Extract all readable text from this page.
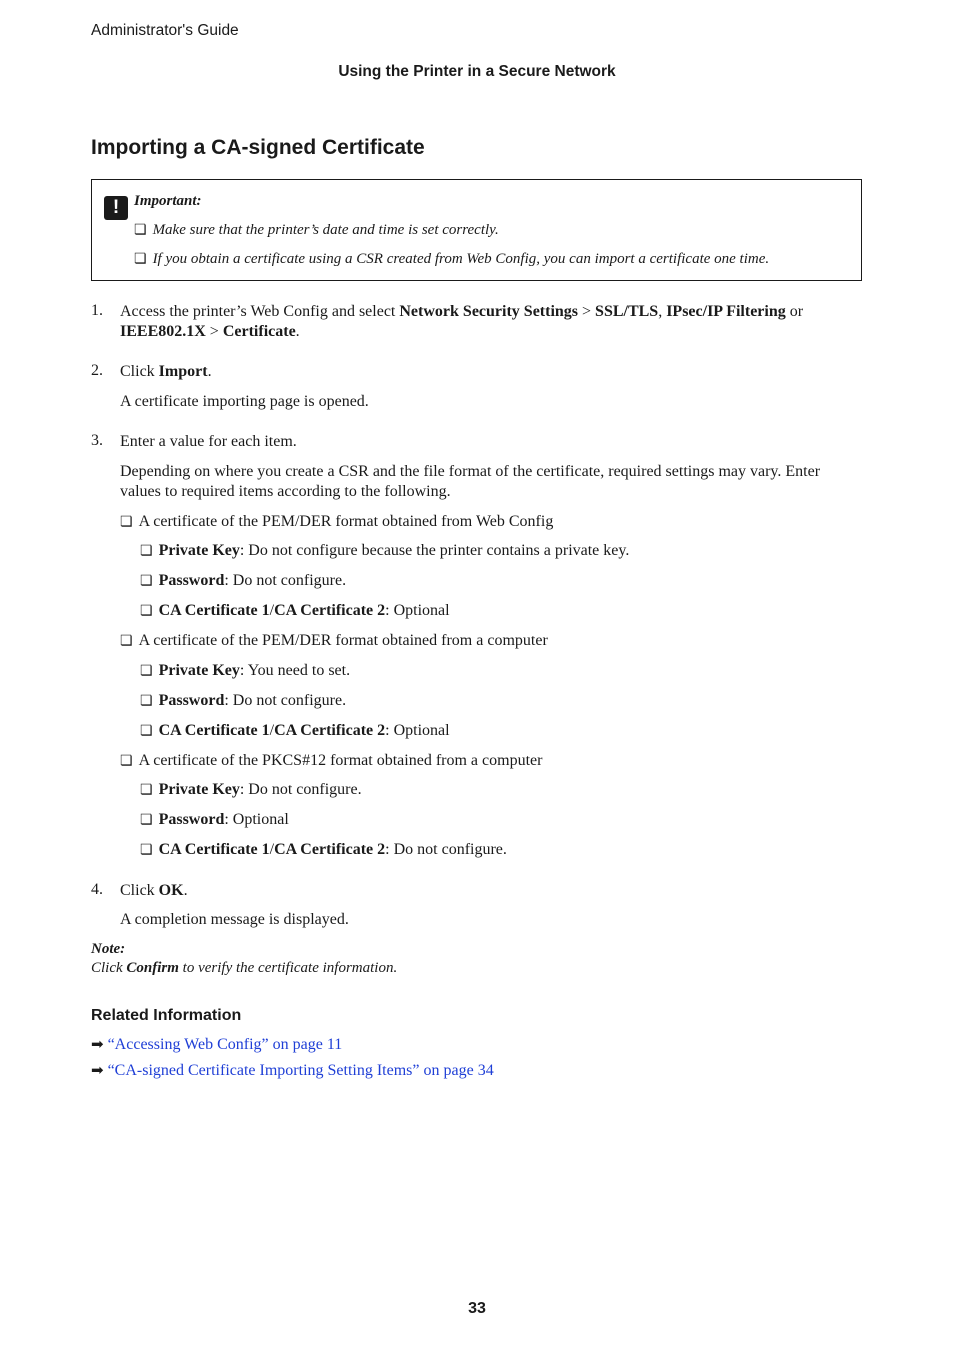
Administrator's Guide
Using the Printer in a Secure Network
Importing a CA-signed Certificate
! Important:
❏ Make sure that the printer’s date and time is set correctly.
❏ If you obtain a certificate using a CSR created from Web Config, you can import a certificate one time.
1. Access the printer’s Web Config and select Network Security Settings > SSL/TLS, IPsec/IP Filtering or
IEEE802.1X > Certificate.
2. Click Import.
A certificate importing page is opened.
3. Enter a value for each item.
Depending on where you create a CSR and the file format of the certificate, required settings may vary. Enter
values to required items according to the following.
❏ A certificate of the PEM/DER format obtained from Web Config
❏ Private Key: Do not configure because the printer contains a private key.
❏ Password: Do not configure.
❏ CA Certificate 1/CA Certificate 2: Optional
❏ A certificate of the PEM/DER format obtained from a computer
❏ Private Key: You need to set.
❏ Password: Do not configure.
❏ CA Certificate 1/CA Certificate 2: Optional
❏ A certificate of the PKCS#12 format obtained from a computer
❏ Private Key: Do not configure.
❏ Password: Optional
❏ CA Certificate 1/CA Certificate 2: Do not configure.
4. Click OK.
A completion message is displayed.
Note:
Click Confirm to verify the certificate information.
Related Information
➡ “Accessing Web Config” on page 11
➡ “CA-signed Certificate Importing Setting Items” on page 34
33
